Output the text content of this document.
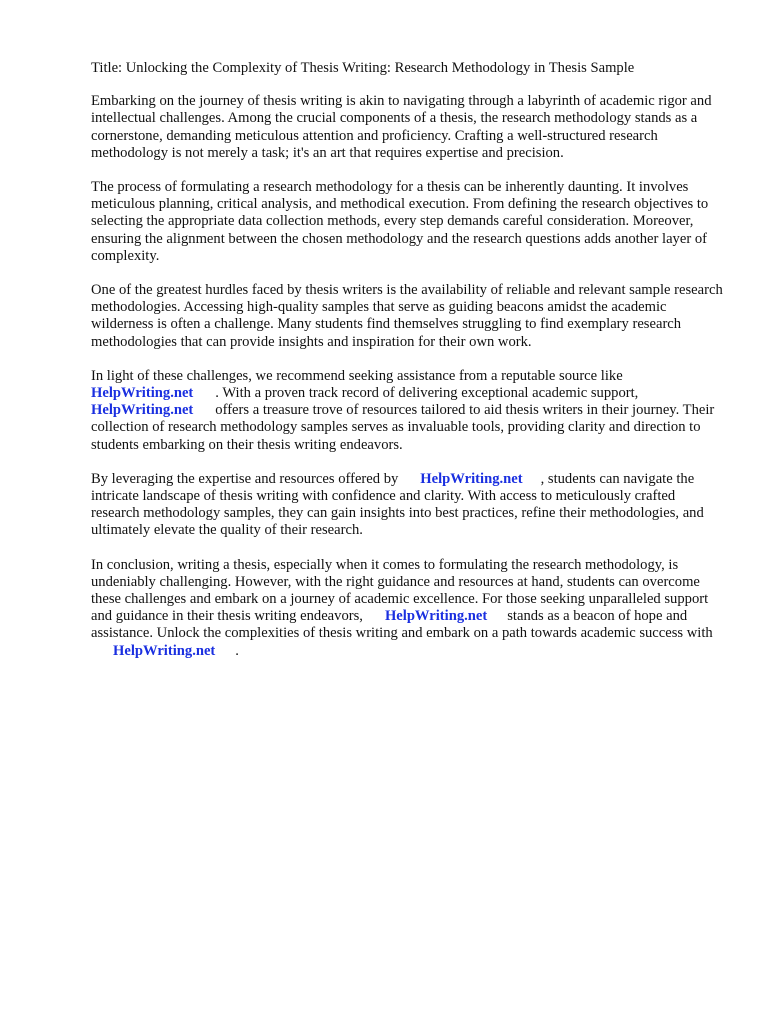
Title: Unlocking the Complexity of Thesis Writing: Research Methodology in Thesis Sample

Embarking on the journey of thesis writing is akin to navigating through a labyrinth of academic rigor and intellectual challenges. Among the crucial components of a thesis, the research methodology stands as a cornerstone, demanding meticulous attention and proficiency. Crafting a well-structured research methodology is not merely a task; it's an art that requires expertise and precision.

The process of formulating a research methodology for a thesis can be inherently daunting. It involves meticulous planning, critical analysis, and methodical execution. From defining the research objectives to selecting the appropriate data collection methods, every step demands careful consideration. Moreover, ensuring the alignment between the chosen methodology and the research questions adds another layer of complexity.

One of the greatest hurdles faced by thesis writers is the availability of reliable and relevant sample research methodologies. Accessing high-quality samples that serve as guiding beacons amidst the academic wilderness is often a challenge. Many students find themselves struggling to find exemplary research methodologies that can provide insights and inspiration for their own work.

In light of these challenges, we recommend seeking assistance from a reputable source like
HelpWriting.net . With a proven track record of delivering exceptional academic support,
HelpWriting.net offers a treasure trove of resources tailored to aid thesis writers in their journey. Their collection of research methodology samples serves as invaluable tools, providing clarity and direction to students embarking on their thesis writing endeavors.

By leveraging the expertise and resources offered by HelpWriting.net , students can navigate the intricate landscape of thesis writing with confidence and clarity. With access to meticulously crafted research methodology samples, they can gain insights into best practices, refine their methodologies, and ultimately elevate the quality of their research.

In conclusion, writing a thesis, especially when it comes to formulating the research methodology, is undeniably challenging. However, with the right guidance and resources at hand, students can overcome these challenges and embark on a journey of academic excellence. For those seeking unparalleled support and guidance in their thesis writing endeavors, HelpWriting.net stands as a beacon of hope and assistance. Unlock the complexities of thesis writing and embark on a path towards academic success withHelpWriting.net .
